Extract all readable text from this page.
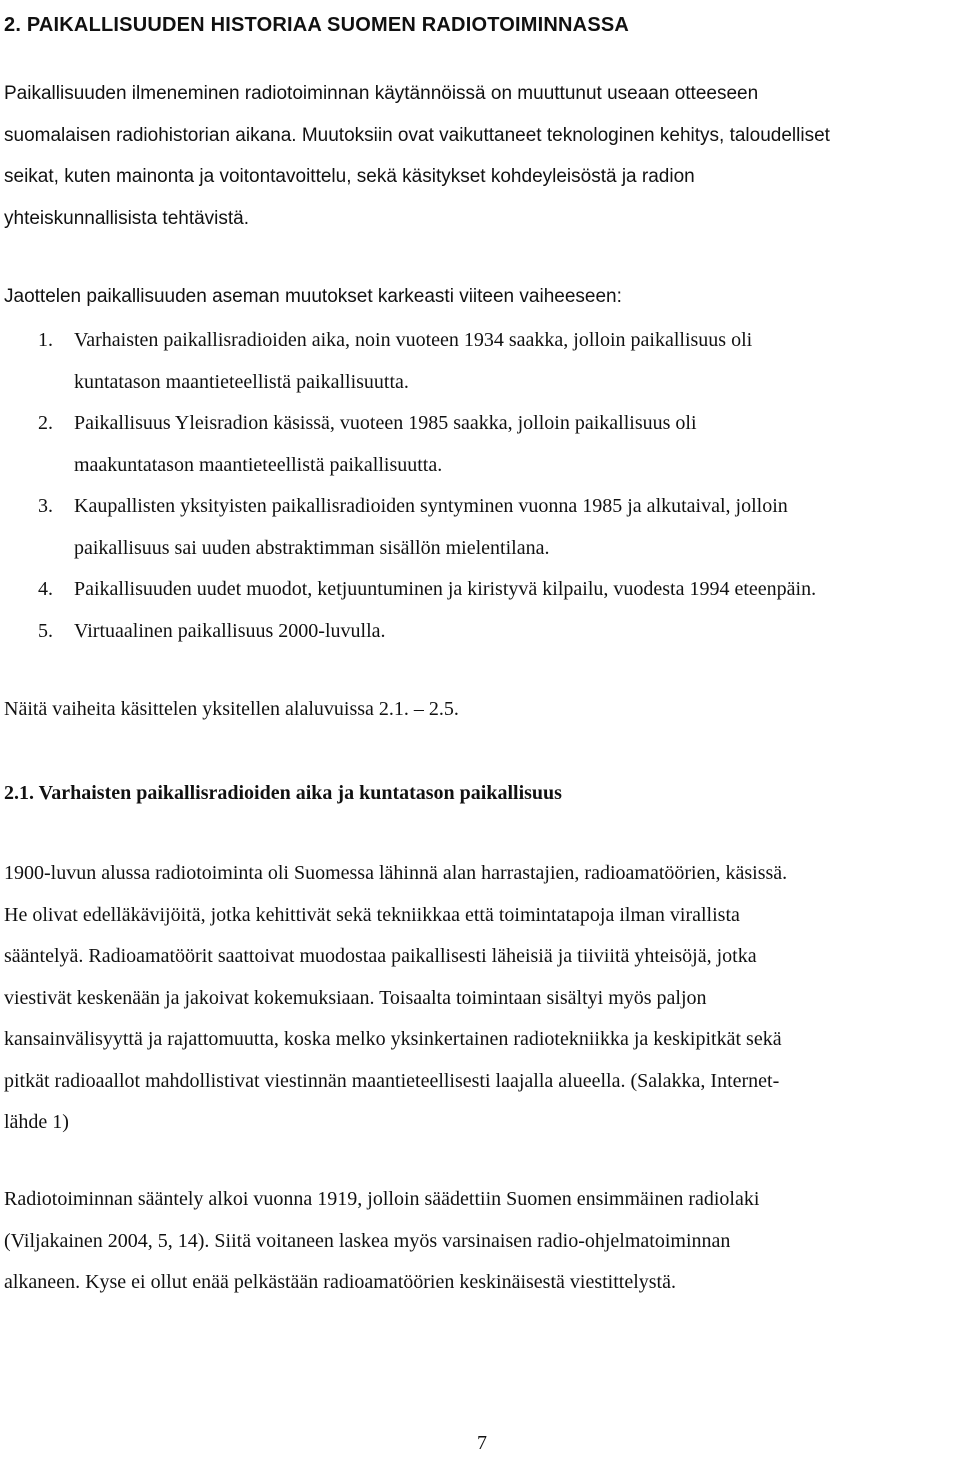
2. PAIKALLISUUDEN HISTORIAA SUOMEN RADIOTOIMINNASSA

Paikallisuuden ilmeneminen radiotoiminnan käytännöissä on muuttunut useaan otteeseen
suomalaisen radiohistorian aikana. Muutoksiin ovat vaikuttaneet teknologinen kehitys, taloudelliset
seikat, kuten mainonta ja voitontavoittelu, sekä käsitykset kohdeyleisöstä ja radion
yhteiskunnallisista tehtävistä.

Jaottelen paikallisuuden aseman muutokset karkeasti viiteen vaiheeseen:

1. Varhaisten paikallisradioiden aika, noin vuoteen 1934 saakka, jolloin paikallisuus oli
kuntatason maantieteellistä paikallisuutta.
2. Paikallisuus Yleisradion käsissä, vuoteen 1985 saakka, jolloin paikallisuus oli
maakuntatason maantieteellistä paikallisuutta.
3. Kaupallisten yksityisten paikallisradioiden syntyminen vuonna 1985 ja alkutaival, jolloin
paikallisuus sai uuden abstraktimman sisällön mielentilana.
4. Paikallisuuden uudet muodot, ketjuuntuminen ja kiristyvä kilpailu, vuodesta 1994 eteenpäin.
5. Virtuaalinen paikallisuus 2000-luvulla.

Näitä vaiheita käsittelen yksitellen alaluvuissa 2.1. – 2.5.

2.1. Varhaisten paikallisradioiden aika ja kuntatason paikallisuus

1900-luvun alussa radiotoiminta oli Suomessa lähinnä alan harrastajien, radioamatöörien, käsissä.
He olivat edelläkävijöitä, jotka kehittivät sekä tekniikkaa että toimintatapoja ilman virallista
sääntelyä. Radioamatöörit saattoivat muodostaa paikallisesti läheisiä ja tiiviitä yhteisöjä, jotka
viestivät keskenään ja jakoivat kokemuksiaan. Toisaalta toimintaan sisältyi myös paljon
kansainvälisyyttä ja rajattomuutta, koska melko yksinkertainen radiotekniikka ja keskipitkät sekä
pitkät radioaallot mahdollistivat viestinnän maantieteellisesti laajalla alueella. (Salakka, Internet-
lähde 1)

Radiotoiminnan sääntely alkoi vuonna 1919, jolloin säädettiin Suomen ensimmäinen radiolaki
(Viljakainen 2004, 5, 14). Siitä voitaneen laskea myös varsinaisen radio-ohjelmatoiminnan
alkaneen. Kyse ei ollut enää pelkästään radioamatöörien keskinäisestä viestittelystä.

7
